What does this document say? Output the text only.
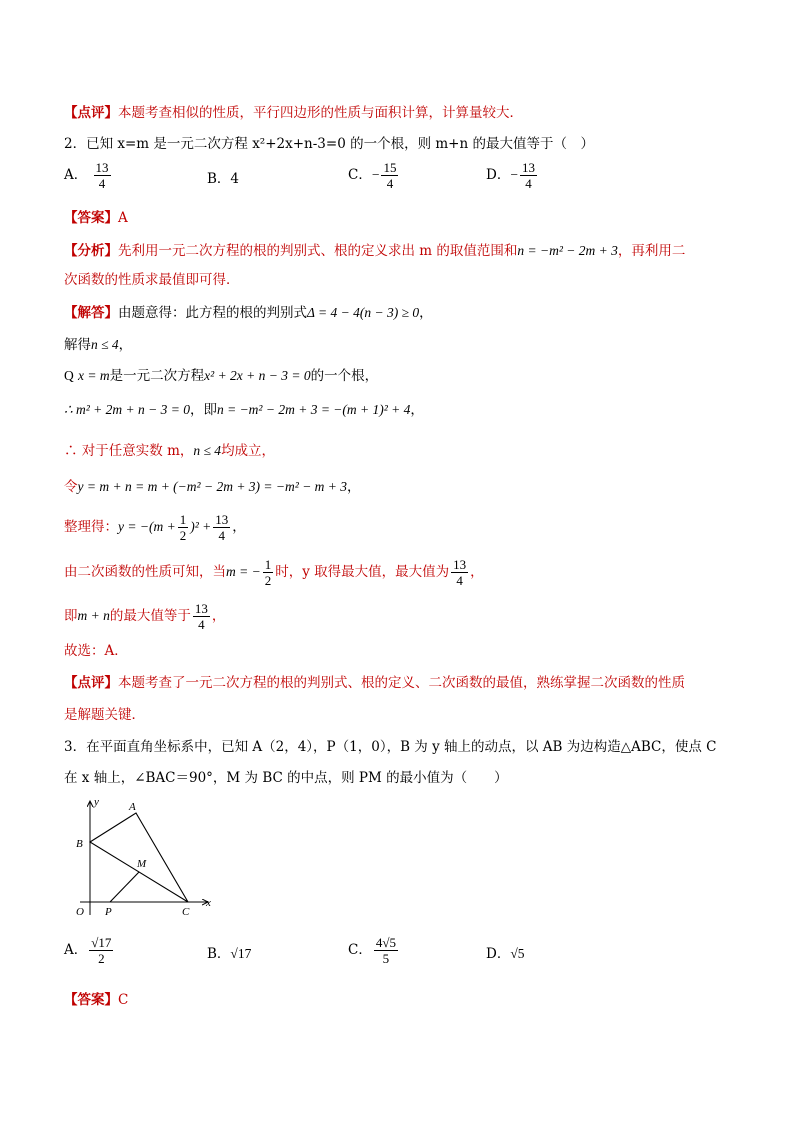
【点评】本题考查相似的性质，平行四边形的性质与面积计算，计算量较大．
2．已知 x=m 是一元二次方程 x²+2x+n-3=0 的一个根，则 m+n 的最大值等于（　）
A． $\frac{13}{4}$	B．4	C．− $\frac{15}{4}$	D．− $\frac{13}{4}$
【答案】A
【分析】先利用一元二次方程的根的判别式、根的定义求出 m 的取值范围和n = −m² − 2m + 3，再利用二
次函数的性质求最值即可得．
【解答】由题意得：此方程的根的判别式Δ = 4 − 4(n − 3) ≥ 0，
解得n ≤ 4，
Q x = m是一元二次方程x² + 2x + n − 3 = 0的一个根，
∴ m² + 2m + n − 3 = 0，即n = −m² − 2m + 3 = −(m + 1)² + 4，
∴ 对于任意实数 m，n ≤ 4均成立，
令y = m + n = m + (−m² − 2m + 3) = −m² − m + 3，
整理得：$y = -(m + \frac{1}{2} )^2 + \frac{13}{4}$ ，
由二次函数的性质可知，当m = − $\frac{1}{2}$ 时，y 取得最大值，最大值为 $\frac{13}{4}$ ，
即m + n的最大值等于 $\frac{13}{4}$ ，
故选：A．
【点评】本题考查了一元二次方程的根的判别式、根的定义、二次函数的最值，熟练掌握二次函数的性质
是解题关键．
3．在平面直角坐标系中，已知 A（2，4），P（1，0），B 为 y 轴上的动点，以 AB 为边构造△ABC，使点 C
在 x 轴上，∠BAC＝90°，M 为 BC 的中点，则 PM 的最小值为（　　）
y	A
B
M
O P	C
x
A． $\frac{√17}{2}$	B．√17	C． $\frac{4√5}{5}$	D．√5
【答案】C
